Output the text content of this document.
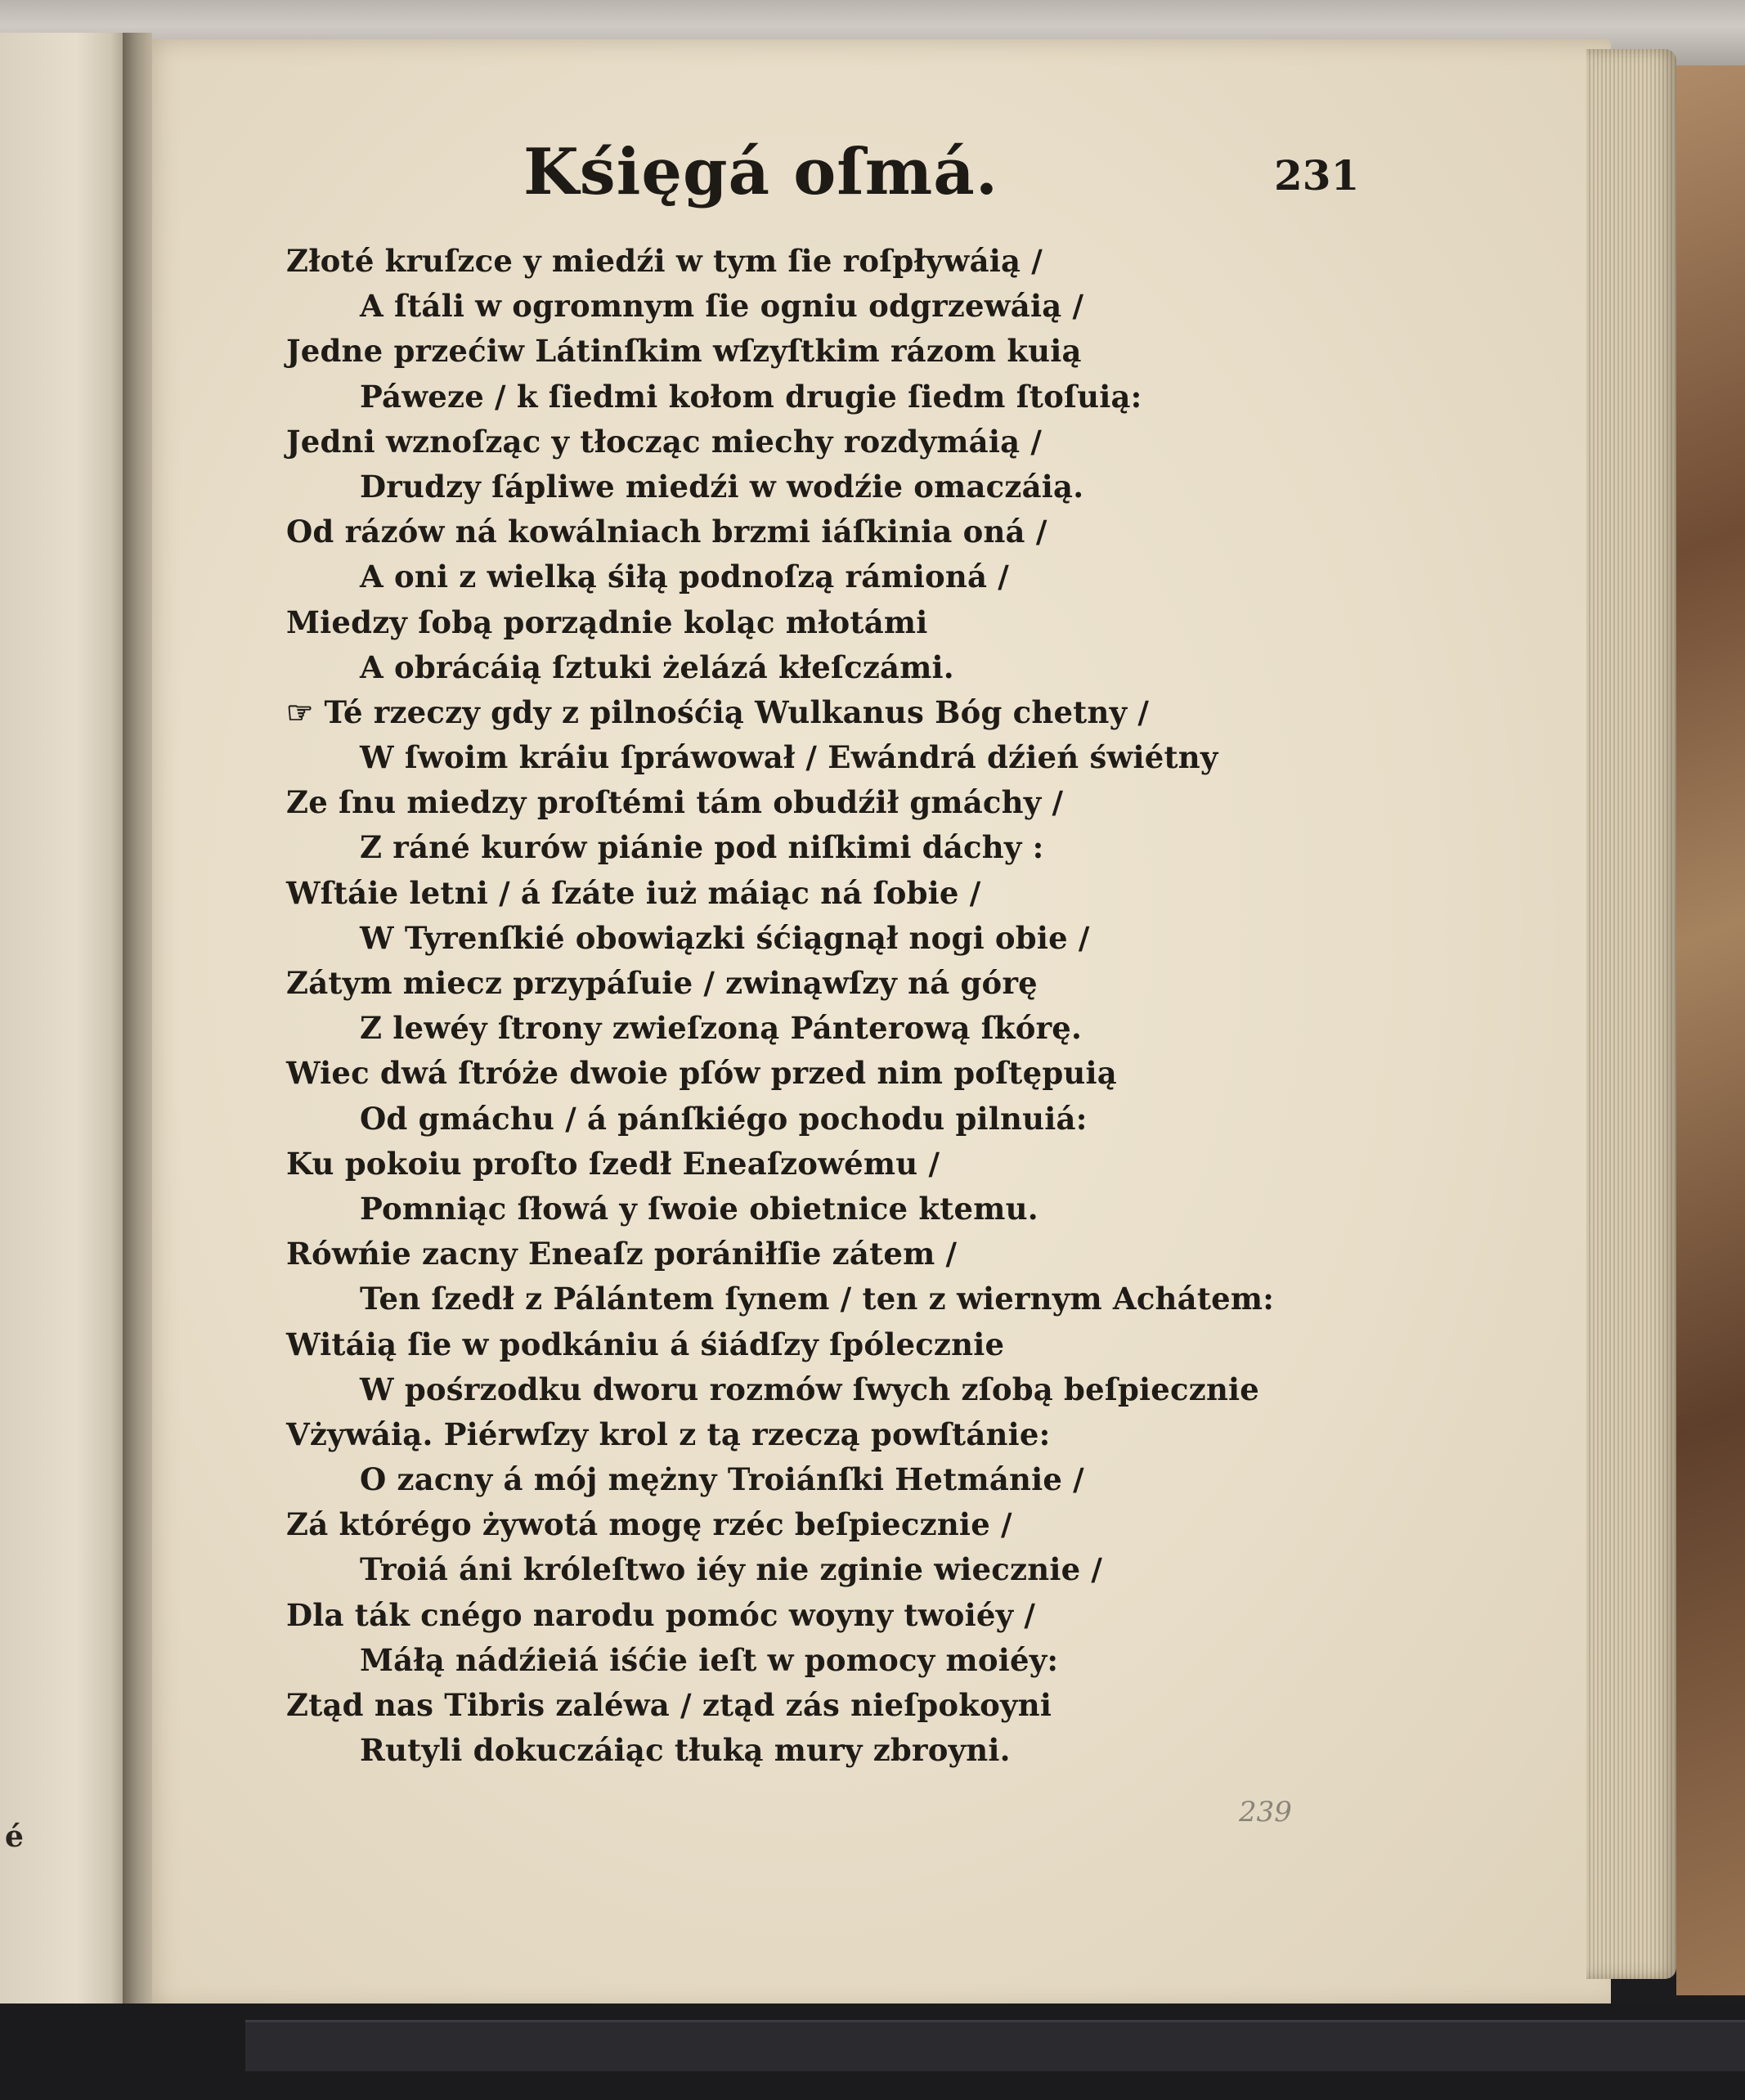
é
Kśięgá oſmá.	231
Złoté kruſzce y miedźi w tym ſie roſpływáią /
A ſtáli w ogromnym ſie ogniu odgrzewáią /
Jedne przećiw Látinſkim wſzyſtkim rázom kuią
Páweze / k ſiedmi kołom drugie ſiedm ſtoſuią:
Jedni wznoſząc y tłocząc miechy rozdymáią /
Drudzy ſápliwe miedźi w wodźie omaczáią.
Od rázów ná kowálniach brzmi iáſkinia oná /
A oni z wielką śiłą podnoſzą rámioná /
Miedzy ſobą porządnie koląc młotámi
A obrácáią ſztuki żelázá kłeſczámi.
☞ Té rzeczy gdy z pilnośćią Wulkanus Bóg chetny /
W ſwoim kráiu ſpráwował / Ewándrá dźień świétny
Ze ſnu miedzy proſtémi tám obudźił gmáchy /
Z ráné kurów piánie pod niſkimi dáchy :
Wſtáie letni / á ſzáte iuż máiąc ná ſobie /
W Tyrenſkié obowiązki śćiągnął nogi obie /
Zátym miecz przypáſuie / zwinąwſzy ná górę
Z lewéy ſtrony zwieſzoną Pánterową ſkórę.
Wiec dwá ſtróże dwoie pſów przed nim poſtępuią
Od gmáchu / á pánſkiégo pochodu pilnuiá:
Ku pokoiu proſto ſzedł Eneaſzowému /
Pomniąc ſłowá y ſwoie obietnice ktemu.
Rówńie zacny Eneaſz porániłſie zátem /
Ten ſzedł z Pálántem ſynem / ten z wiernym Achátem:
Witáią ſie w podkániu á śiádſzy ſpólecznie
W pośrzodku dworu rozmów ſwych zſobą beſpiecznie
Vżywáią. Piérwſzy krol z tą rzeczą powſtánie:
O zacny á mój mężny Troiánſki Hetmánie /
Zá którégo żywotá mogę rzéc beſpiecznie /
Troiá áni króleſtwo iéy nie zginie wiecznie /
Dla ták cnégo narodu pomóc woyny twoiéy /
Máłą nádźieiá iśćie ieſt w pomocy moiéy:
Ztąd nas Tibris zaléwa / ztąd zás nieſpokoyni
Rutyli dokuczáiąc tłuką mury zbroyni.
239
